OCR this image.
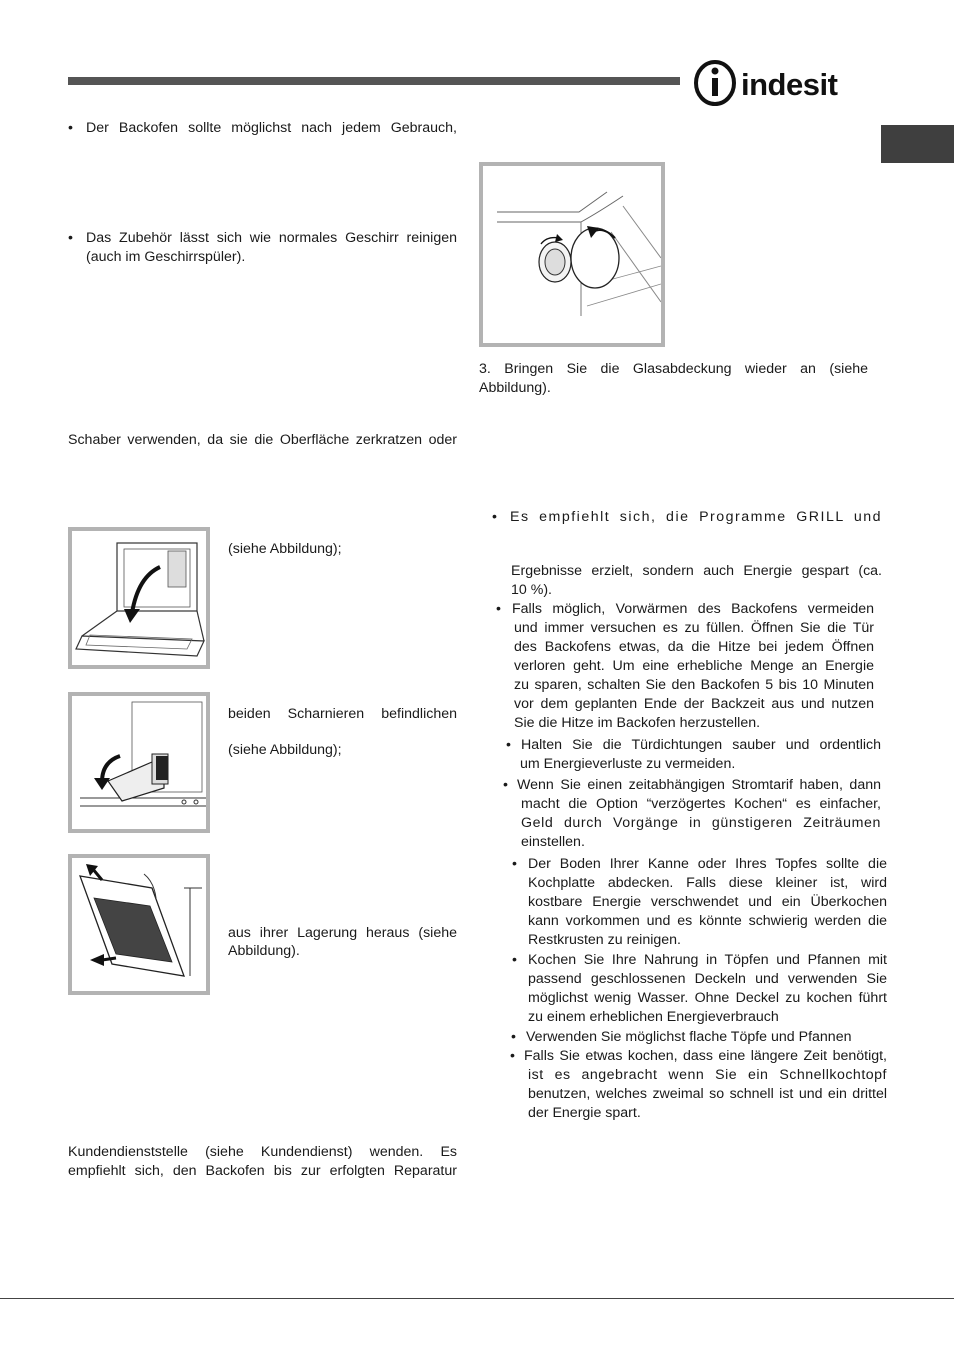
indesit
• Der Backofen sollte möglichst nach jedem Gebrauch,
• Das Zubehör lässt sich wie normales Geschirr reinigen
(auch im Geschirrspüler).
Schaber verwenden, da sie die Oberfläche zerkratzen oder
(siehe Abbildung);
beiden Scharnieren befindlichen
(siehe Abbildung);
aus ihrer Lagerung heraus (siehe
Abbildung).
Kundendienststelle (siehe Kundendienst) wenden. Es
empfiehlt sich, den Backofen bis zur erfolgten Reparatur
3. Bringen Sie die Glasabdeckung wieder an (siehe
Abbildung).
• Es empfiehlt sich, die Programme GRILL und
Ergebnisse erzielt, sondern auch Energie gespart (ca.
10 %).
• Falls möglich, Vorwärmen des Backofens vermeiden
und immer versuchen es zu füllen. Öffnen Sie die Tür
des Backofens etwas, da die Hitze bei jedem Öffnen
verloren geht. Um eine erhebliche Menge an Energie
zu sparen, schalten Sie den Backofen 5 bis 10 Minuten
vor dem geplanten Ende der Backzeit aus und nutzen
Sie die Hitze im Backofen herzustellen.
• Halten Sie die Türdichtungen sauber und ordentlich
um Energieverluste zu vermeiden.
• Wenn Sie einen zeitabhängigen Stromtarif haben, dann
macht die Option “verzögertes Kochen“ es einfacher,
Geld durch Vorgänge in günstigeren Zeiträumen
einstellen.
• Der Boden Ihrer Kanne oder Ihres Topfes sollte die
Kochplatte abdecken. Falls diese kleiner ist, wird
kostbare Energie verschwendet und ein Überkochen
kann vorkommen und es könnte schwierig werden die
Restkrusten zu reinigen.
• Kochen Sie Ihre Nahrung in Töpfen und Pfannen mit
passend geschlossenen Deckeln und verwenden Sie
möglichst wenig Wasser. Ohne Deckel zu kochen führt
zu einem erheblichen Energieverbrauch
• Verwenden Sie möglichst flache Töpfe und Pfannen
• Falls Sie etwas kochen, dass eine längere Zeit benötigt,
ist es angebracht wenn Sie ein Schnellkochtopf
benutzen, welches zweimal so schnell ist und ein drittel
der Energie spart.
